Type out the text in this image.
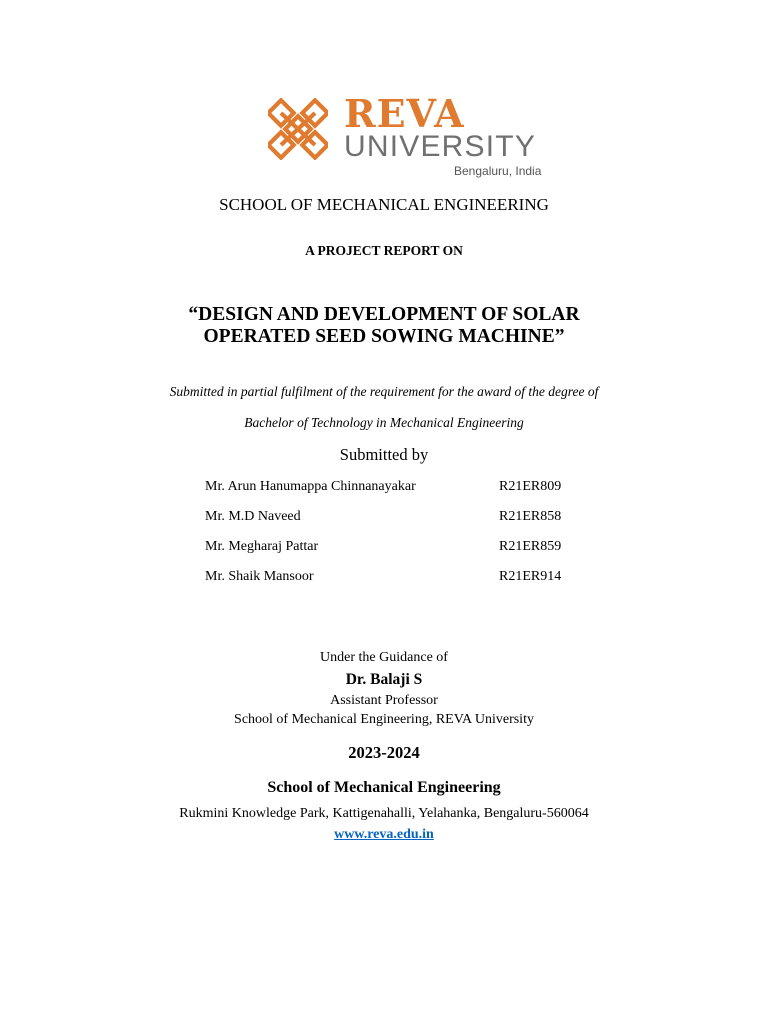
REVA
UNIVERSITY
Bengaluru, India
SCHOOL OF MECHANICAL ENGINEERING
A PROJECT REPORT ON
“DESIGN AND DEVELOPMENT OF SOLAR
OPERATED SEED SOWING MACHINE”
Submitted in partial fulfilment of the requirement for the award of the degree of
Bachelor of Technology in Mechanical Engineering
Submitted by
Mr. Arun Hanumappa Chinnanayakar	R21ER809
Mr. M.D Naveed	R21ER858
Mr. Megharaj Pattar	R21ER859
Mr. Shaik Mansoor	R21ER914
Under the Guidance of
Dr. Balaji S
Assistant Professor
School of Mechanical Engineering, REVA University
2023-2024
School of Mechanical Engineering
Rukmini Knowledge Park, Kattigenahalli, Yelahanka, Bengaluru-560064
www.reva.edu.in
